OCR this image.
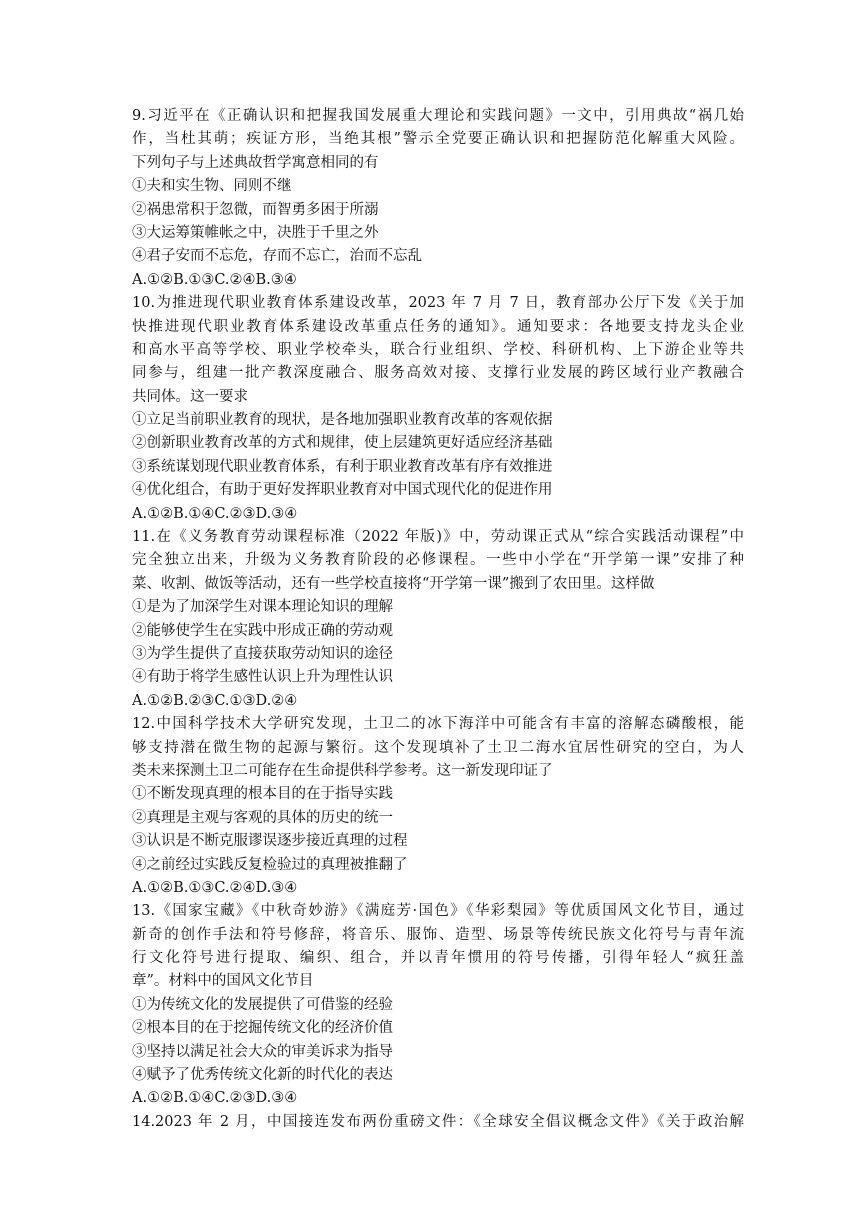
9.习近平在《正确认识和把握我国发展重大理论和实践问题》一文中，引用典故“祸几始
作，当杜其萌；疾证方形，当绝其根”警示全党要正确认识和把握防范化解重大风险。
下列句子与上述典故哲学寓意相同的有
①夫和实生物、同则不继
②祸患常积于忽微，而智勇多困于所溺
③大运筹策帷帐之中，决胜于千里之外
④君子安而不忘危，存而不忘亡，治而不忘乱
A.①②B.①③C.②④B.③④
10.为推进现代职业教育体系建设改革，2023 年 7 月 7 日，教育部办公厅下发《关于加
快推进现代职业教育体系建设改革重点任务的通知》。通知要求：各地要支持龙头企业
和高水平高等学校、职业学校牵头，联合行业组织、学校、科研机构、上下游企业等共
同参与，组建一批产教深度融合、服务高效对接、支撑行业发展的跨区域行业产教融合
共同体。这一要求
①立足当前职业教育的现状，是各地加强职业教育改革的客观依据
②创新职业教育改革的方式和规律，使上层建筑更好适应经济基础
③系统谋划现代职业教育体系，有利于职业教育改革有序有效推进
④优化组合，有助于更好发挥职业教育对中国式现代化的促进作用
A.①②B.①④C.②③D.③④
11.在《义务教育劳动课程标准（2022 年版)》中，劳动课正式从“综合实践活动课程”中
完全独立出来，升级为义务教育阶段的必修课程。一些中小学在“开学第一课”安排了种
菜、收割、做饭等活动，还有一些学校直接将“开学第一课”搬到了农田里。这样做
①是为了加深学生对课本理论知识的理解
②能够使学生在实践中形成正确的劳动观
③为学生提供了直接获取劳动知识的途径
④有助于将学生感性认识上升为理性认识
A.①②B.②③C.①③D.②④
12.中国科学技术大学研究发现，土卫二的冰下海洋中可能含有丰富的溶解态磷酸根，能
够支持潜在微生物的起源与繁衍。这个发现填补了土卫二海水宜居性研究的空白，为人
类未来探测土卫二可能存在生命提供科学参考。这一新发现印证了
①不断发现真理的根本目的在于指导实践
②真理是主观与客观的具体的历史的统一
③认识是不断克服谬误逐步接近真理的过程
④之前经过实践反复检验过的真理被推翻了
A.①②B.①③C.②④D.③④
13.《国家宝藏》《中秋奇妙游》《满庭芳·国色》《华彩梨园》等优质国风文化节目，通过
新奇的创作手法和符号修辞，将音乐、服饰、造型、场景等传统民族文化符号与青年流
行文化符号进行提取、编织、组合，并以青年惯用的符号传播，引得年轻人“疯狂盖
章”。材料中的国风文化节目
①为传统文化的发展提供了可借鉴的经验
②根本目的在于挖掘传统文化的经济价值
③坚持以满足社会大众的审美诉求为指导
④赋予了优秀传统文化新的时代化的表达
A.①②B.①④C.②③D.③④
14.2023 年 2 月，中国接连发布两份重磅文件：《全球安全倡议概念文件》《关于政治解
